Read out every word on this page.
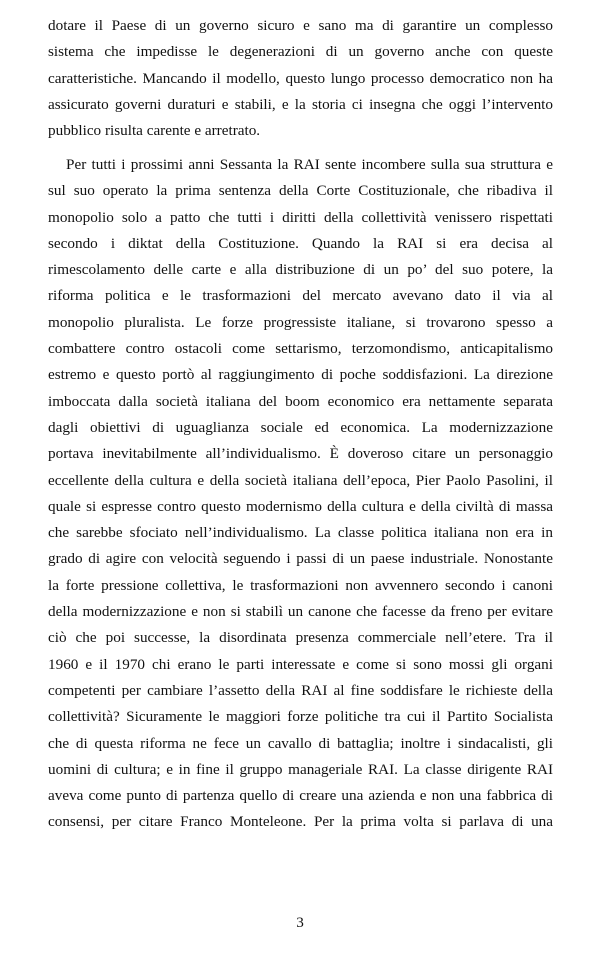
dotare il Paese di un governo sicuro e sano ma di garantire un complesso
sistema che impedisse le degenerazioni di un governo anche con queste
caratteristiche. Mancando il modello, questo lungo processo democratico non ha
assicurato governi duraturi e stabili, e la storia ci insegna che oggi l’intervento
pubblico risulta carente e arretrato.
Per tutti i prossimi anni Sessanta la RAI sente incombere sulla sua struttura e
sul suo operato la prima sentenza della Corte Costituzionale, che ribadiva il
monopolio solo a patto che tutti i diritti della collettività venissero rispettati
secondo i diktat della Costituzione. Quando la RAI si era decisa al
rimescolamento delle carte e alla distribuzione di un po’ del suo potere, la
riforma politica e le trasformazioni del mercato avevano dato il via al
monopolio pluralista. Le forze progressiste italiane, si trovarono spesso a
combattere contro ostacoli come settarismo, terzomondismo, anticapitalismo
estremo e questo portò al raggiungimento di poche soddisfazioni. La direzione
imboccata dalla società italiana del boom economico era nettamente separata
dagli obiettivi di uguaglianza sociale ed economica. La modernizzazione
portava inevitabilmente all’individualismo. È doveroso citare un personaggio
eccellente della cultura e della società italiana dell’epoca, Pier Paolo Pasolini, il
quale si espresse contro questo modernismo della cultura e della civiltà di massa
che sarebbe sfociato nell’individualismo. La classe politica italiana non era in
grado di agire con velocità seguendo i passi di un paese industriale. Nonostante
la forte pressione collettiva, le trasformazioni non avvennero secondo i canoni
della modernizzazione e non si stabilì un canone che facesse da freno per evitare
ciò che poi successe, la disordinata presenza commerciale nell’etere. Tra il
1960 e il 1970 chi erano le parti interessate e come si sono mossi gli organi
competenti per cambiare l’assetto della RAI al fine soddisfare le richieste della
collettività? Sicuramente le maggiori forze politiche tra cui il Partito Socialista
che di questa riforma ne fece un cavallo di battaglia; inoltre i sindacalisti, gli
uomini di cultura; e in fine il gruppo manageriale RAI. La classe dirigente RAI
aveva come punto di partenza quello di creare una azienda e non una fabbrica di
consensi, per citare Franco Monteleone. Per la prima volta si parlava di una
3
